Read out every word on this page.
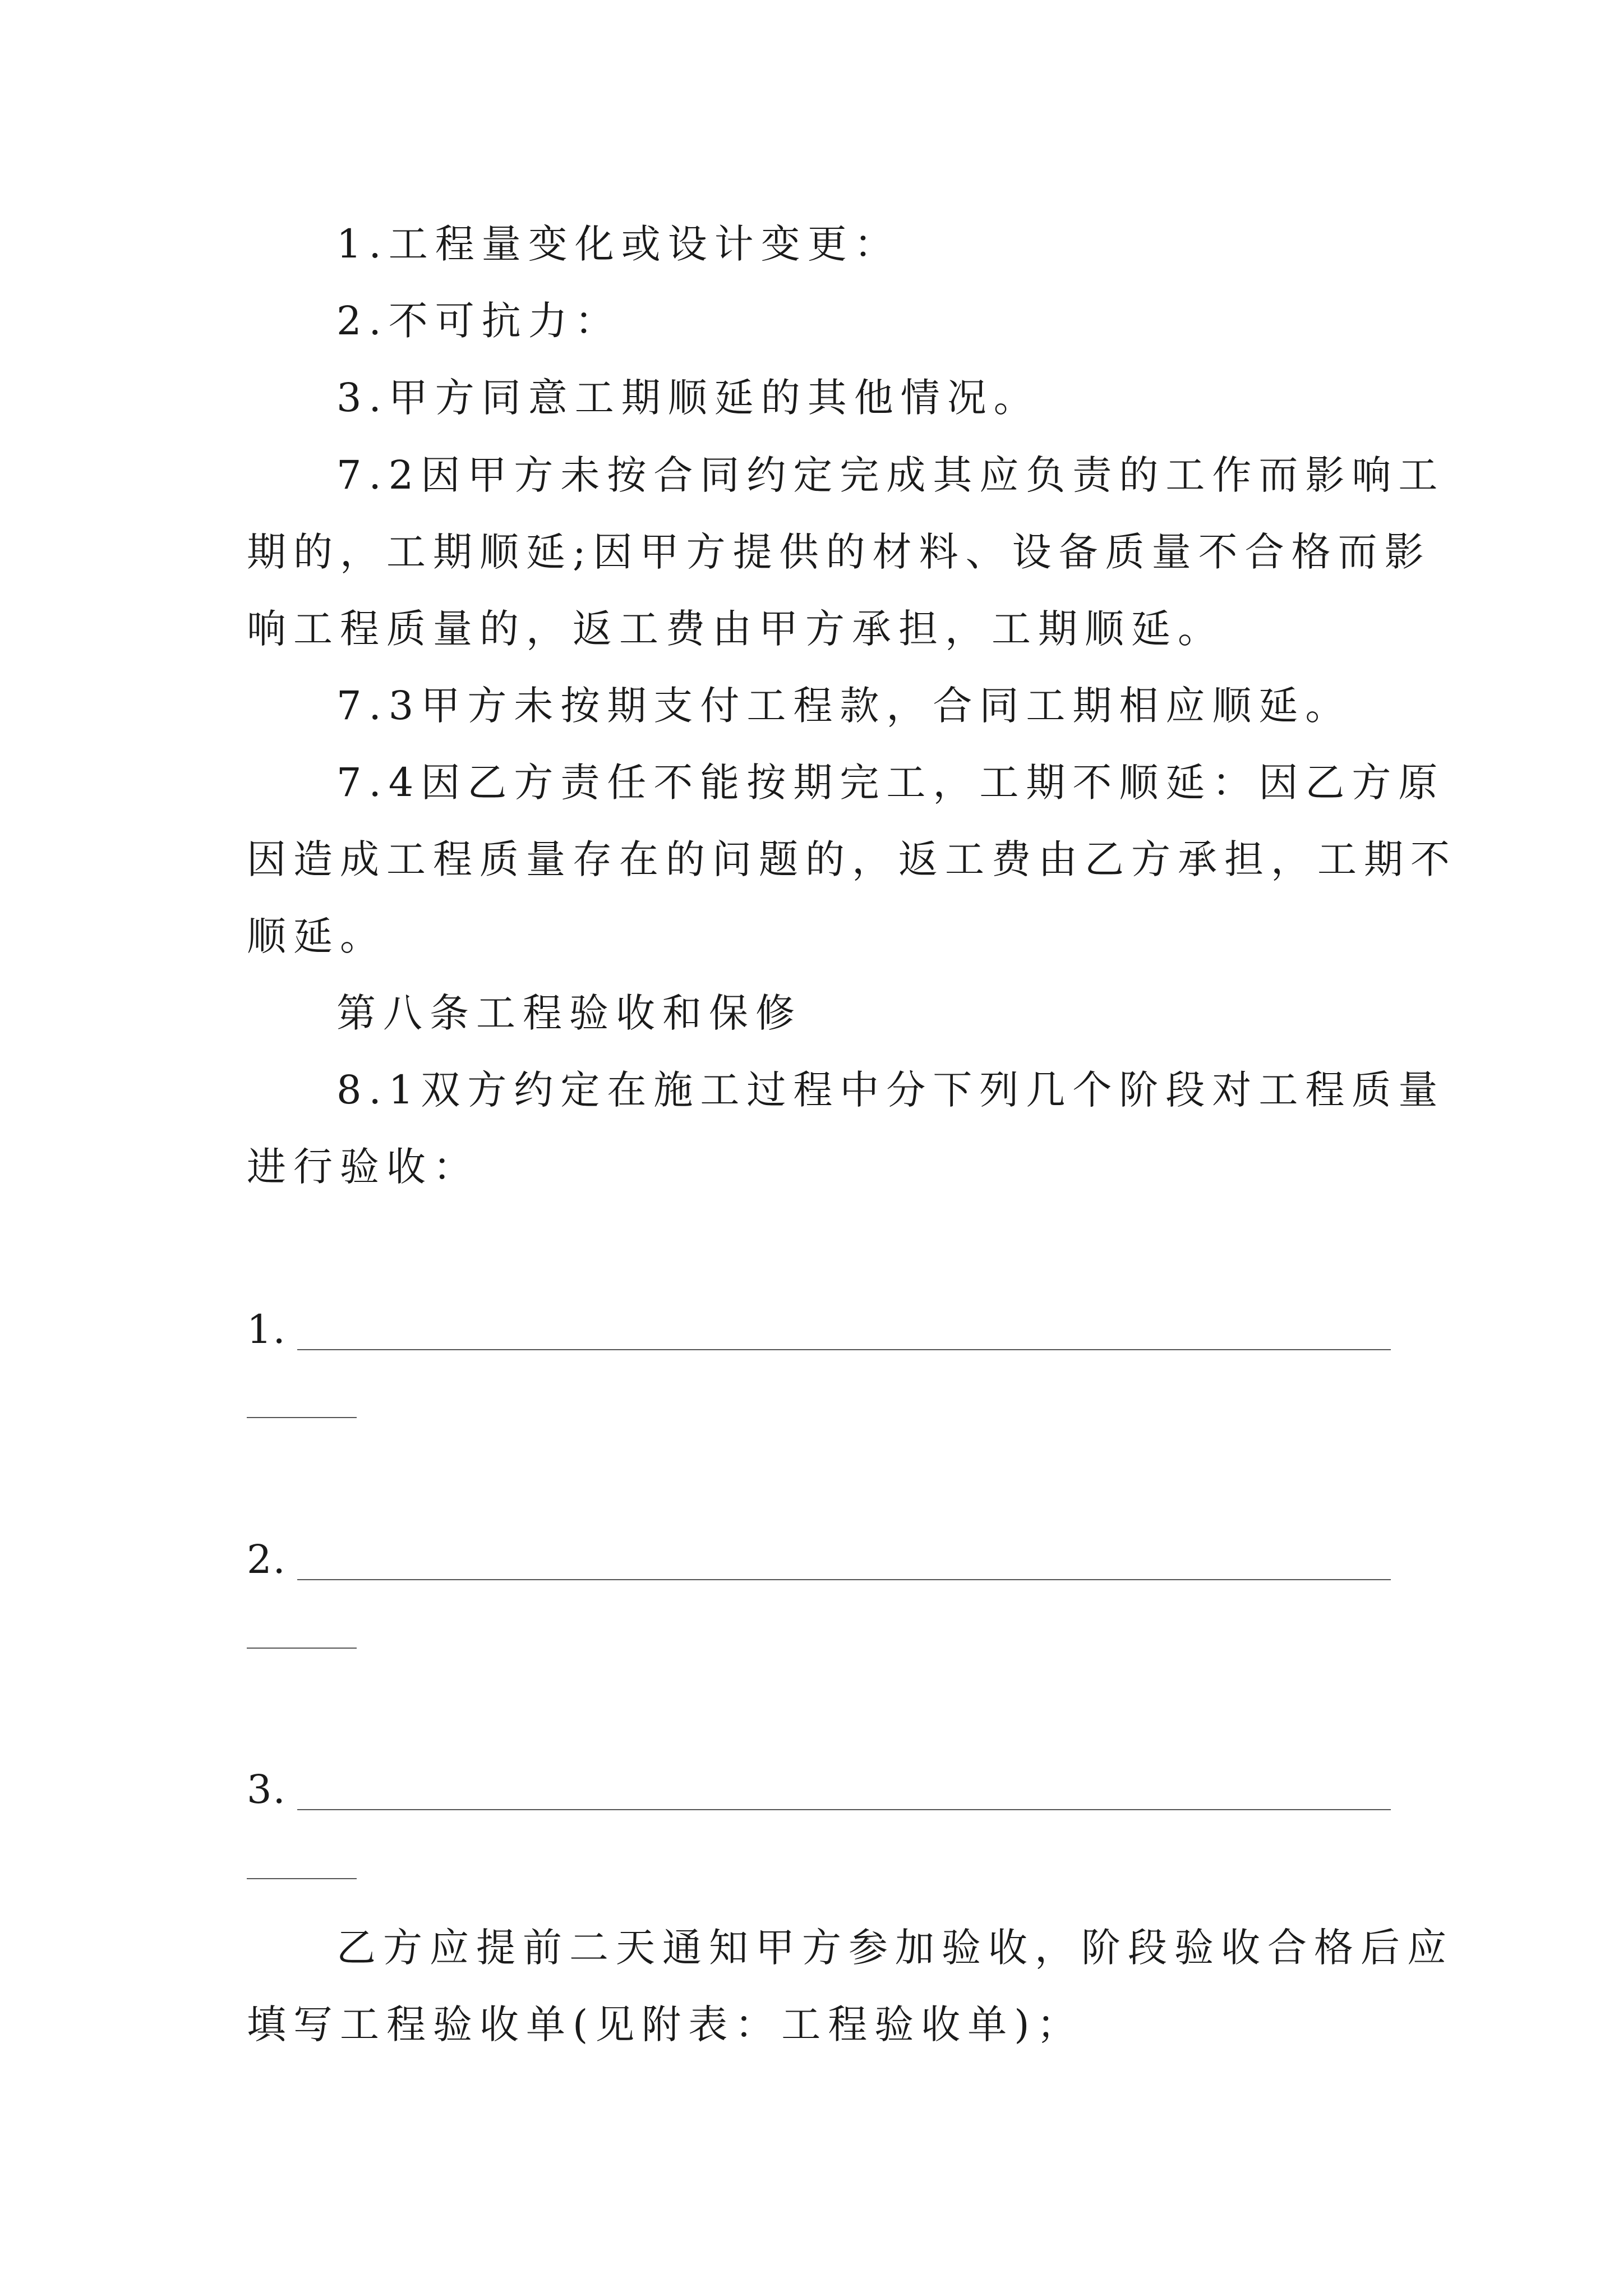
1.工程量变化或设计变更：
2.不可抗力：
3.甲方同意工期顺延的其他情况。
7.2因甲方未按合同约定完成其应负责的工作而影响工
期的，工期顺延;因甲方提供的材料、设备质量不合格而影
响工程质量的，返工费由甲方承担，工期顺延。
7.3甲方未按期支付工程款，合同工期相应顺延。
7.4因乙方责任不能按期完工，工期不顺延：因乙方原
因造成工程质量存在的问题的，返工费由乙方承担，工期不
顺延。
第八条工程验收和保修
8.1双方约定在施工过程中分下列几个阶段对工程质量
进行验收：
1.
2.
3.
乙方应提前二天通知甲方参加验收，阶段验收合格后应
填写工程验收单(见附表：工程验收单)；
